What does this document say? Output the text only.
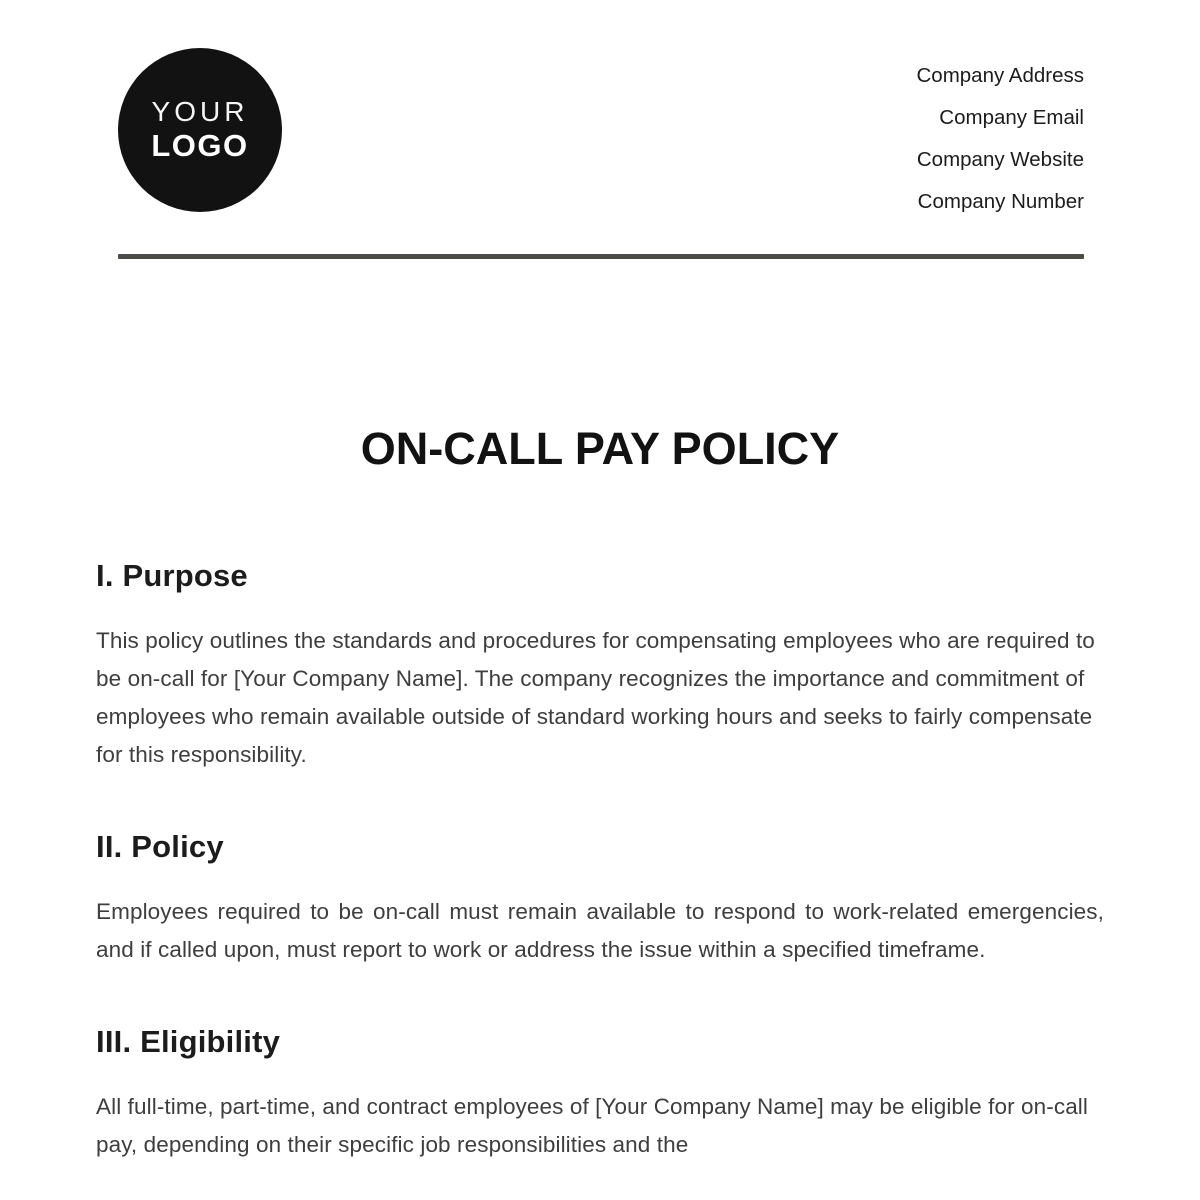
YOUR
LOGO
Company Address
Company Email
Company Website
Company Number
ON-CALL PAY POLICY
I. Purpose

This policy outlines the standards and procedures for compensating employees who are required to be on-call for [Your Company Name]. The company recognizes the importance and commitment of employees who remain available outside of standard working hours and seeks to fairly compensate for this responsibility.

II. Policy

Employees required to be on-call must remain available to respond to work-related emergencies, and if called upon, must report to work or address the issue within a specified timeframe.

III. Eligibility

All full-time, part-time, and contract employees of [Your Company Name] may be eligible for on-call pay, depending on their specific job responsibilities and the
